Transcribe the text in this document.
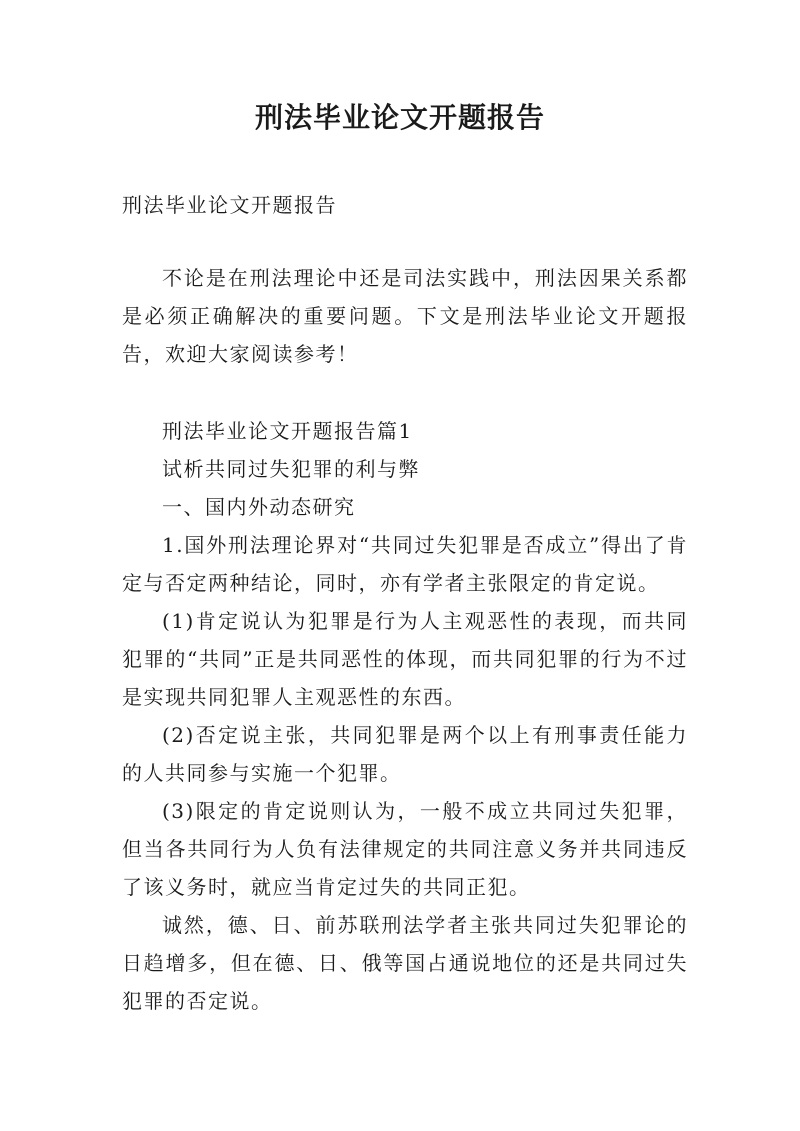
刑法毕业论文开题报告

刑法毕业论文开题报告

不论是在刑法理论中还是司法实践中，刑法因果关系都是必须正确解决的重要问题。下文是刑法毕业论文开题报告，欢迎大家阅读参考！

刑法毕业论文开题报告篇1
试析共同过失犯罪的利与弊
一、国内外动态研究

1.国外刑法理论界对“共同过失犯罪是否成立”得出了肯定与否定两种结论，同时，亦有学者主张限定的肯定说。

(1)肯定说认为犯罪是行为人主观恶性的表现，而共同犯罪的“共同”正是共同恶性的体现，而共同犯罪的行为不过是实现共同犯罪人主观恶性的东西。

(2)否定说主张，共同犯罪是两个以上有刑事责任能力的人共同参与实施一个犯罪。

(3)限定的肯定说则认为，一般不成立共同过失犯罪，但当各共同行为人负有法律规定的共同注意义务并共同违反了该义务时，就应当肯定过失的共同正犯。

诚然，德、日、前苏联刑法学者主张共同过失犯罪论的日趋增多，但在德、日、俄等国占通说地位的还是共同过失犯罪的否定说。
